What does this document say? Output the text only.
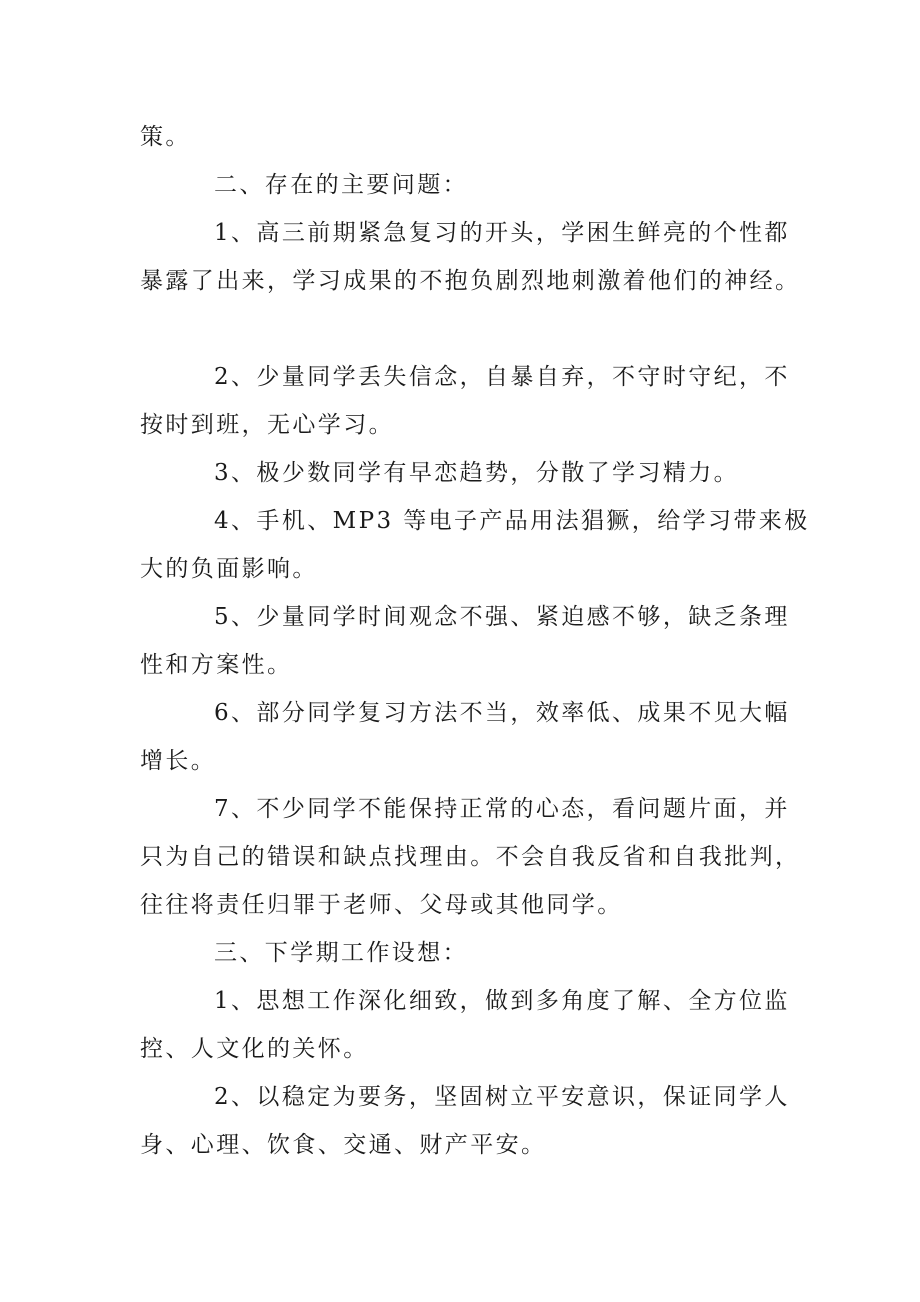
策。
二、存在的主要问题：
1、高三前期紧急复习的开头，学困生鲜亮的个性都
暴露了出来，学习成果的不抱负剧烈地刺激着他们的神经。
2、少量同学丢失信念，自暴自弃，不守时守纪，不
按时到班，无心学习。
3、极少数同学有早恋趋势，分散了学习精力。
4、手机、MP3 等电子产品用法猖獗，给学习带来极
大的负面影响。
5、少量同学时间观念不强、紧迫感不够，缺乏条理
性和方案性。
6、部分同学复习方法不当，效率低、成果不见大幅
增长。
7、不少同学不能保持正常的心态，看问题片面，并
只为自己的错误和缺点找理由。不会自我反省和自我批判，
往往将责任归罪于老师、父母或其他同学。
三、下学期工作设想：
1、思想工作深化细致，做到多角度了解、全方位监
控、人文化的关怀。
2、以稳定为要务，坚固树立平安意识，保证同学人
身、心理、饮食、交通、财产平安。
